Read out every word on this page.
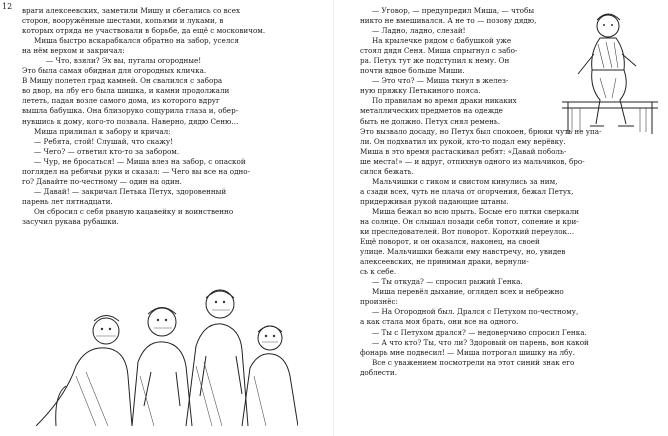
12 враги алексеевских, заметили Мишу и сбегались со всех

сторон, вооружённые шестами, копьями и луками, в

которых отряда не участвовали в борьбе, да ещё с московичом.

Миша быстро вскарабкался обратно на забор, уселся

на нём верхом и закричал:

— Что, взяли? Эх вы, пугалы огородные!

Это была самая обидная для огородных кличка.

В Мишу полетел град камней. Он свалился с забора

во двор, на лбу его была шишка, и камни продолжали

лететь, падая возле самого дома, из которого вдруг

вышла бабушка. Она близоруко сощурила глаза и, обер-

нувшись к дому, кого-то позвала. Наверно, дядю Сеню…

Миша прилипал к забору и кричал:

— Ребята, стой! Слушай, что скажу!

— Чего? — ответил кто-то за забором.

— Чур, не бросаться! — Миша влез на забор, с опаской

поглядел на ребячьи руки и сказал: — Чего вы все на одно-

го? Давайте по-честному — один на один.

— Давай! — закричал Петька Петух, здоровенный

парень лет пятнадцати.

Он сбросил с себя рваную кацавейку и воинственно

засучил рукава рубашки.

— Уговор, — предупредил Миша, — чтобы

никто не вмешивался. А не то — позову дядю,

— Ладно, ладно, слезай!

На крылечке рядом с бабушкой уже

стоял дядя Сеня. Миша спрыгнул с забо-

ра. Петух тут же подступил к нему. Он

почти вдвое больше Миши.

— Это что? — Миша ткнул в желез-

ную пряжку Петькиного пояса.

По правилам во время драки никаких

металлических предметов на одежде

быть не должно. Петух снял ремень.

Это вызвало досаду, но Петух был спокоен, брюки чуть не упа-

ли. Он подхватил их рукой, кто-то подал ему верёвку.

Миша в это время растаскивал ребят: «Давай поболь-

ше места!» — и вдруг, отпихнув одного из мальчиков, бро-

сился бежать.

Мальчишки с гиком и свистом кинулись за ним,

а сзади всех, чуть не плача от огорчения, бежал Петух,

придерживая рукой падающие штаны.

Миша бежал во всю прыть. Босые его пятки сверкали

на солнце. Он слышал позади себя топот, сопение и кри-

ки преследователей. Вот поворот. Короткий переулок…

Ещё поворот, и он оказался, наконец, на своей

улице. Мальчишки бежали ему навстречу, но, увидев

алексеевских, не принимая драки, вернули-

сь к себе.

— Ты откуда? — спросил рыжий Генка.

Миша перевёл дыхание, оглядел всех и небрежно

произнёс:

— На Огородной был. Дрался с Петухом по-честному,

а как стала моя брать, они все на одного.

— Ты с Петухом дрался? — недоверчиво спросил Генка.

— А что кто? Ты, что ли? Здоровый он парень, вон какой

фонарь мне подвесил! — Миша потрогал шишку на лбу.

Все с уважением посмотрели на этот синий знак его

доблести.
